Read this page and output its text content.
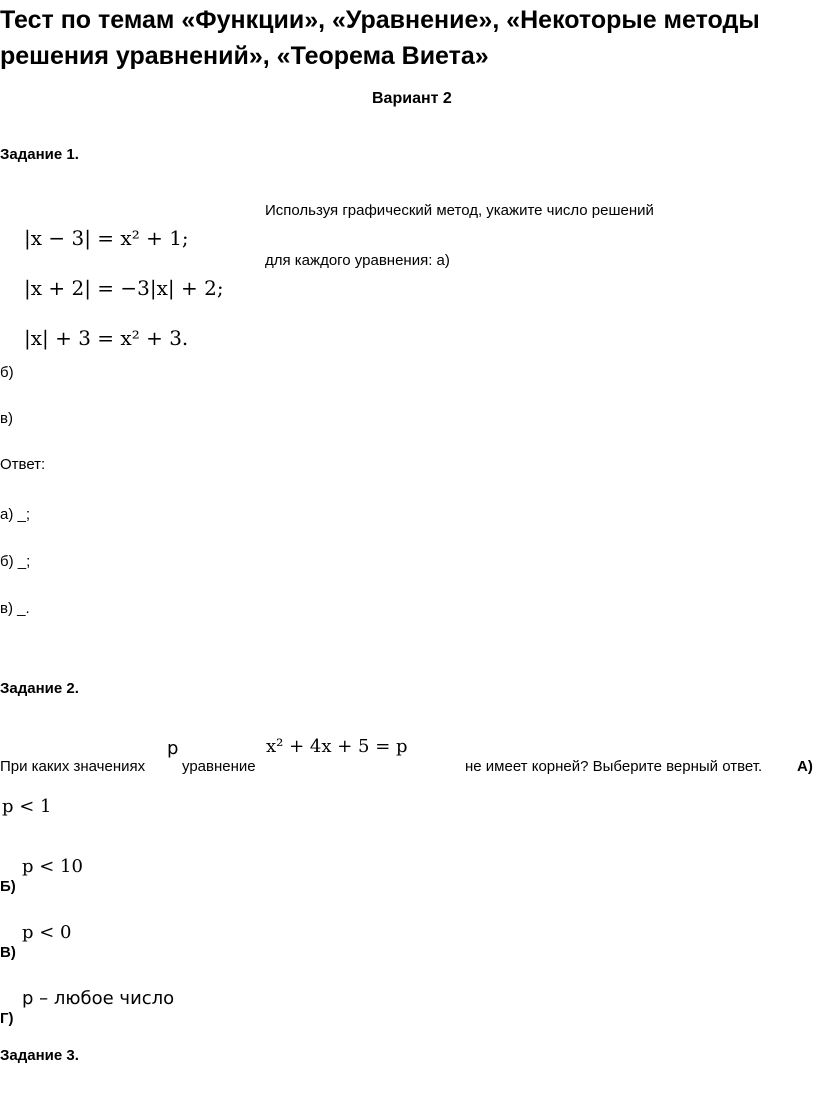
Тест по темам «Функции», «Уравнение», «Некоторые методы
решения уравнений», «Теорема Виета»
Вариант 2
Задание 1.
Используя графический метод, укажите число решений
для каждого уравнения: а)
|x − 3| = x² + 1;
|x + 2| = −3|x| + 2;
|x| + 3 = x² + 3.
б)
в)
Ответ:
а) _;
б) _;
в) _.
Задание 2.
При каких значениях
p
уравнение
x² + 4x + 5 = p
не имеет корней? Выберите верный ответ. А)
p < 1
Б)
p < 10
В)
p < 0
Г)
p – любое число
Задание 3.
